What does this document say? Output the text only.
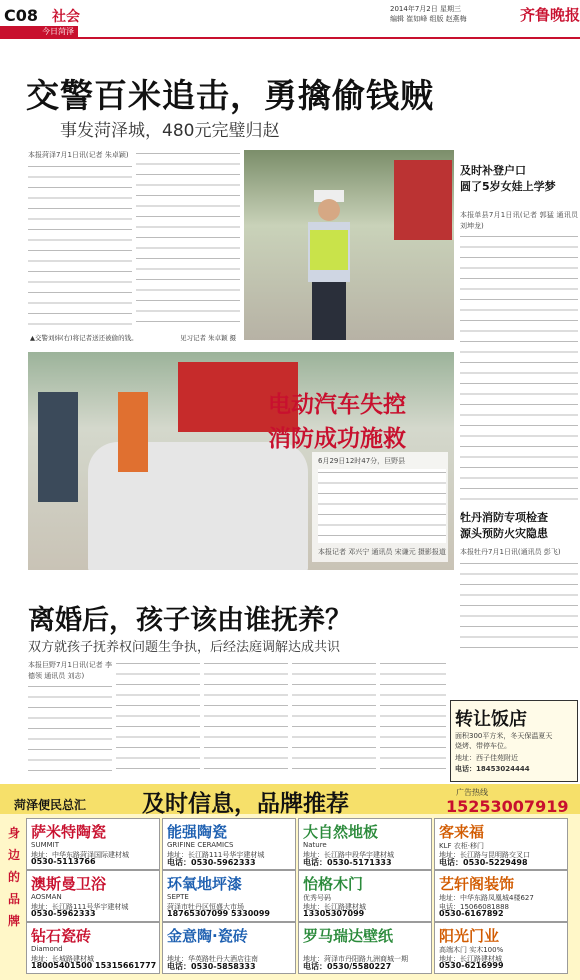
C08 社会
今日菏泽
2014年7月2日 星期三
编辑 崔如峰 组版 赵燕梅	齐鲁晚报
交警百米追击，勇擒偷钱贼
事发菏泽城，480元完璧归赵
本报菏泽7月1日讯(记者 朱卓颖)
▲交警刘炜(右)将记者送还被偷的钱。	见习记者 朱卓颖 摄
电动汽车失控
消防成功施救
6月29日12时47分，巨野县
本报记者 邓兴宁 通讯员 宋谦元 摄影报道
离婚后，孩子该由谁抚养？
双方就孩子抚养权问题生争执，后经法庭调解达成共识
本报巨野7月1日讯(记者 李德领 通讯员 刘志)
及时补登户口
圆了5岁女娃上学梦
本报单县7月1日讯(记者 郭猛 通讯员 刘坤龙)
牡丹消防专项检查
源头预防火灾隐患
本报牡丹7月1日讯(通讯员 彭飞)
转让饭店
面积300平方米，冬天保温夏天
烧烤、带停车位。
地址：西子佳苑附近
电话：18453024444
菏泽便民总汇 及时信息，品牌推荐	广告热线
15253007919
身边的品牌
萨米特陶瓷
SUMMIT
地址：中华东路菏泽国际建材城
0530-5113766
能强陶瓷
GRIFINE CERAMICS
地址：长江路111号华宇建材城
电话：0530-5962333
大自然地板
Nature
地址：长江路中段华宇建材城
电话：0530-5171333
客来福
KLF 衣柜·移门
地址：长江路与昆明路交叉口
电话：0530-5229498
澳斯曼卫浴
AOSMAN
地址：长江路111号华宇建材城
0530-5962333
环氧地坪漆
SEPTE
菏泽市牡丹区恒盛大市场
18765307099 5330099
怡格木门
优秀号码
地址：长江路建材城
13305307099
艺轩阁装饰
地址：中华东路凤凰城4楼627
电话：15066081888
0530-6167892
钻石瓷砖
Diamond
地址：长城路建材城
18005401500 15315661777
金意陶·瓷砖
地址：华英路牡丹大酒店往南
电话：0530-5858333
罗马瑞达壁纸
地址：菏泽市丹阳路九洲商城一期
电话：0530/5580227
阳光门业
高端木门 实木100%
地址：长江路建材城
0530-6216999
